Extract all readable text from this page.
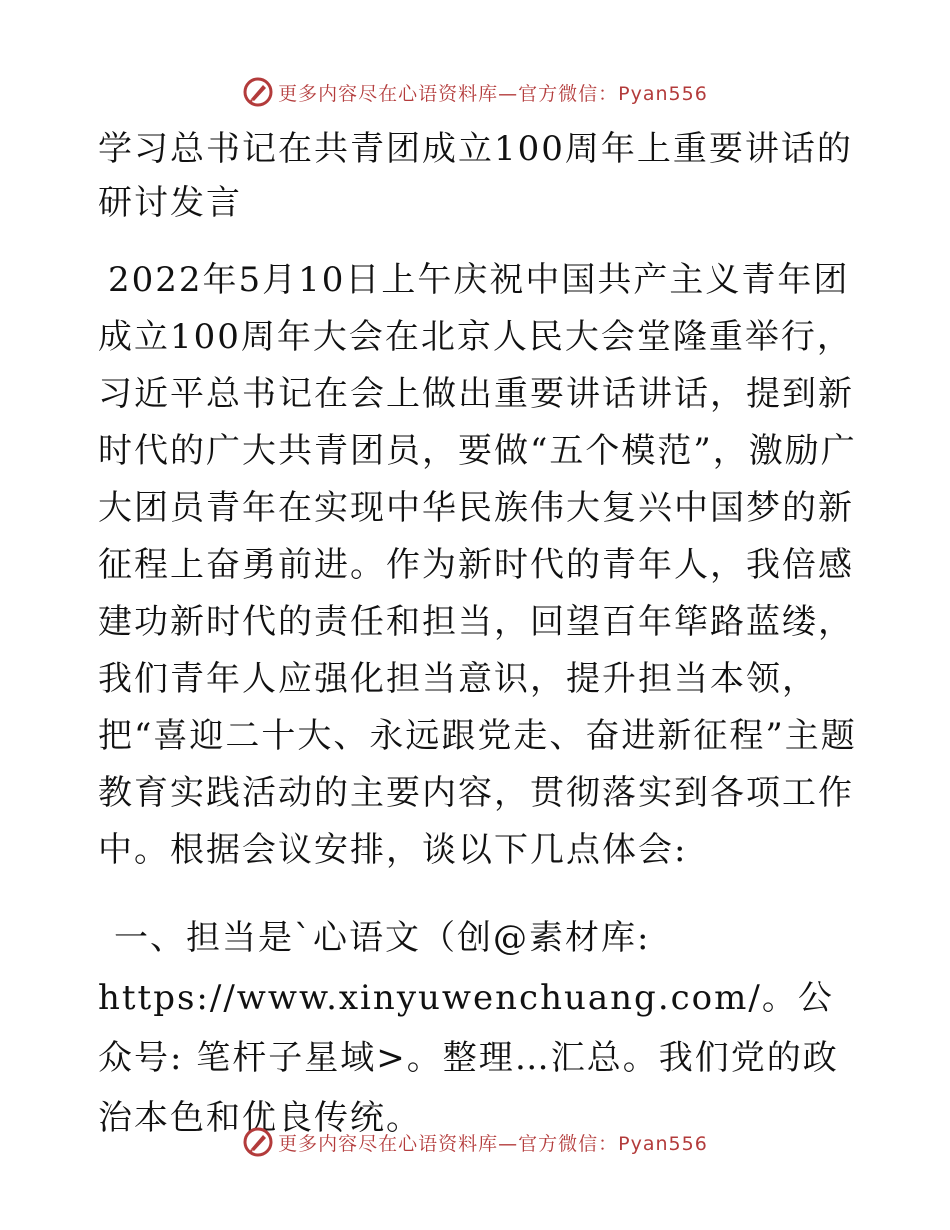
更多内容尽在心语资料库—官方微信：Pyan556
学习总书记在共青团成立100周年上重要讲话的研讨发言

2022年5月10日上午庆祝中国共产主义青年团成立100周年大会在北京人民大会堂隆重举行，习近平总书记在会上做出重要讲话讲话，提到新时代的广大共青团员，要做“五个模范”，激励广大团员青年在实现中华民族伟大复兴中国梦的新征程上奋勇前进。作为新时代的青年人，我倍感建功新时代的责任和担当，回望百年筚路蓝缕，我们青年人应强化担当意识，提升担当本领，把“喜迎二十大、永远跟党走、奋进新征程”主题教育实践活动的主要内容，贯彻落实到各项工作中。根据会议安排，谈以下几点体会:

一、担当是`心语文（创@素材库: https://www.xinyuwenchuang.com/。公众号: 笔杆子星域>。整理…汇总。我们党的政治本色和优良传统。

更多内容尽在心语资料库—官方微信：Pyan556
